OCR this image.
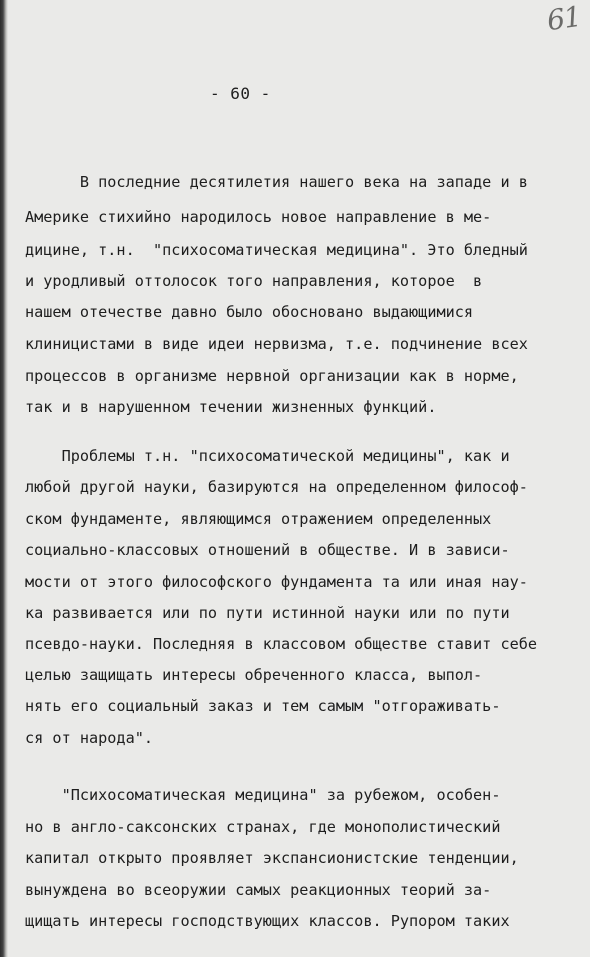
61
- 60 -

В последние десятилетия нашего века на западе и в

Америке стихийно народилось новое направление в ме-

дицине, т.н.  "психосоматическая медицина". Это бледный

и уродливый оттолосок того направления, которое  в

нашем отечестве давно было обосновано выдающимися

клиницистами в виде идеи нервизма, т.е. подчинение всех

процессов в организме нервной организации как в норме,

так и в нарушенном течении жизненных функций.

Проблемы т.н. "психосоматической медицины", как и

любой другой науки, базируются на определенном философ-

ском фундаменте, являющимся отражением определенных

социально-классовых отношений в обществе. И в зависи-

мости от этого философского фундамента та или иная нау-

ка развивается или по пути истинной науки или по пути

псевдо-науки. Последняя в классовом обществе ставит себе

целью защищать интересы обреченного класса, выпол-

нять его социальный заказ и тем самым "отгораживать-

ся от народа".

"Психосоматическая медицина" за рубежом, особен-

но в англо-саксонских странах, где монополистический

капитал открыто проявляет экспансионистские тенденции,

вынуждена во всеоружии самых реакционных теорий за-

щищать интересы господствующих классов. Рупором таких
